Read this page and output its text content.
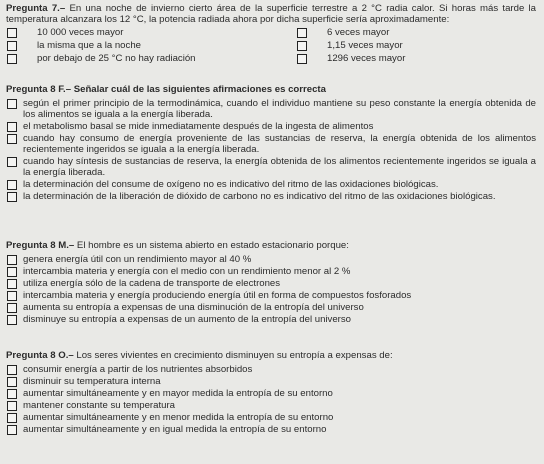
Pregunta 7.– En una noche de invierno cierto área de la superficie terrestre a 2 °C radia calor. Si horas más tarde la temperatura alcanzara los 12 °C, la potencia radiada ahora por dicha superficie sería aproximadamente:
10 000 veces mayor	6 veces mayor
la misma que a la noche	1,15 veces mayor
por debajo de 25 °C no hay radiación	1296 veces mayor
Pregunta 8 F.– Señalar cuál de las siguientes afirmaciones es correcta
según el primer principio de la termodinámica, cuando el individuo mantiene su peso constante la energía obtenida de los alimentos se iguala a la energía liberada.
el metabolismo basal se mide inmediatamente después de la ingesta de alimentos
cuando hay consumo de energía proveniente de las sustancias de reserva, la energía obtenida de los alimentos recientemente ingeridos se iguala a la energía liberada.
cuando hay síntesis de sustancias de reserva, la energía obtenida de los alimentos recientemente ingeridos se iguala a la energía liberada.
la determinación del consume de oxígeno no es indicativo del ritmo de las oxidaciones biológicas.
la determinación de la liberación de dióxido de carbono no es indicativo del ritmo de las oxidaciones biológicas.
Pregunta 8 M.– El hombre es un sistema abierto en estado estacionario porque:
genera energía útil con un rendimiento mayor al 40 %
intercambia materia y energía con el medio con un rendimiento menor al 2 %
utiliza energía sólo de la cadena de transporte de electrones
intercambia materia y energía produciendo energía útil en forma de compuestos fosforados
aumenta su entropía a expensas de una disminución de la entropía del universo
disminuye su entropía a expensas de un aumento de la entropía del universo
Pregunta 8 O.– Los seres vivientes en crecimiento disminuyen su entropía a expensas de:
consumir energía a partir de los nutrientes absorbidos
disminuir su temperatura interna
aumentar simultáneamente y en mayor medida la entropía de su entorno
mantener constante su temperatura
aumentar simultáneamente y en menor medida la entropía de su entorno
aumentar simultáneamente y en igual medida la entropía de su entorno
